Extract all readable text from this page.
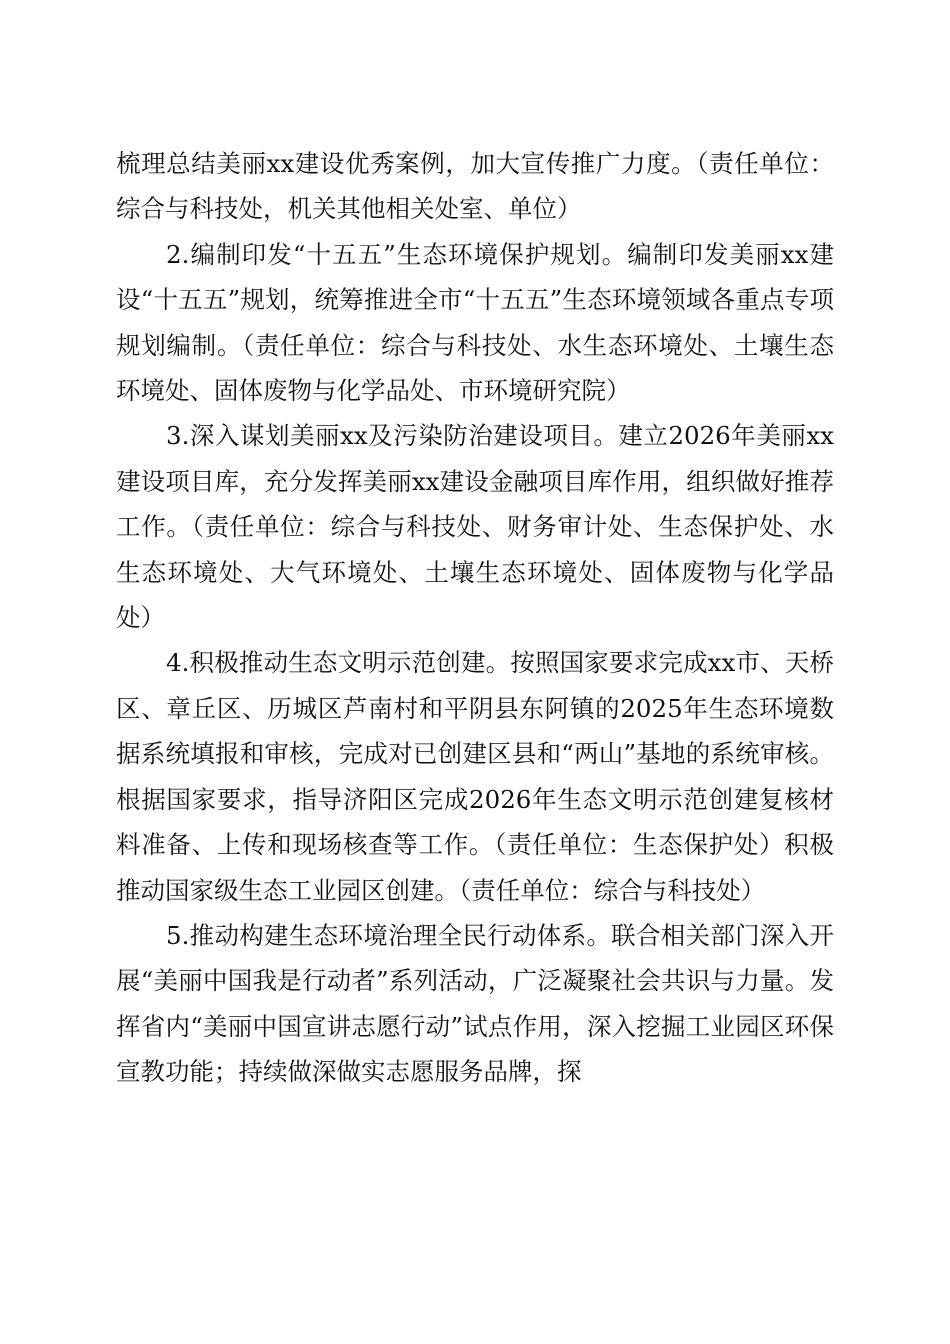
梳理总结美丽xx建设优秀案例，加大宣传推广力度。（责任单位：综合与科技处，机关其他相关处室、单位）

2.编制印发“十五五”生态环境保护规划。编制印发美丽xx建设“十五五”规划，统筹推进全市“十五五”生态环境领域各重点专项规划编制。（责任单位：综合与科技处、水生态环境处、土壤生态环境处、固体废物与化学品处、市环境研究院）

3.深入谋划美丽xx及污染防治建设项目。建立2026年美丽xx建设项目库，充分发挥美丽xx建设金融项目库作用，组织做好推荐工作。（责任单位：综合与科技处、财务审计处、生态保护处、水生态环境处、大气环境处、土壤生态环境处、固体废物与化学品处）

4.积极推动生态文明示范创建。按照国家要求完成xx市、天桥区、章丘区、历城区芦南村和平阴县东阿镇的2025年生态环境数据系统填报和审核，完成对已创建区县和“两山”基地的系统审核。根据国家要求，指导济阳区完成2026年生态文明示范创建复核材料准备、上传和现场核查等工作。（责任单位：生态保护处）积极推动国家级生态工业园区创建。（责任单位：综合与科技处）

5.推动构建生态环境治理全民行动体系。联合相关部门深入开展“美丽中国我是行动者”系列活动，广泛凝聚社会共识与力量。发挥省内“美丽中国宣讲志愿行动”试点作用，深入挖掘工业园区环保宣教功能；持续做深做实志愿服务品牌，探
